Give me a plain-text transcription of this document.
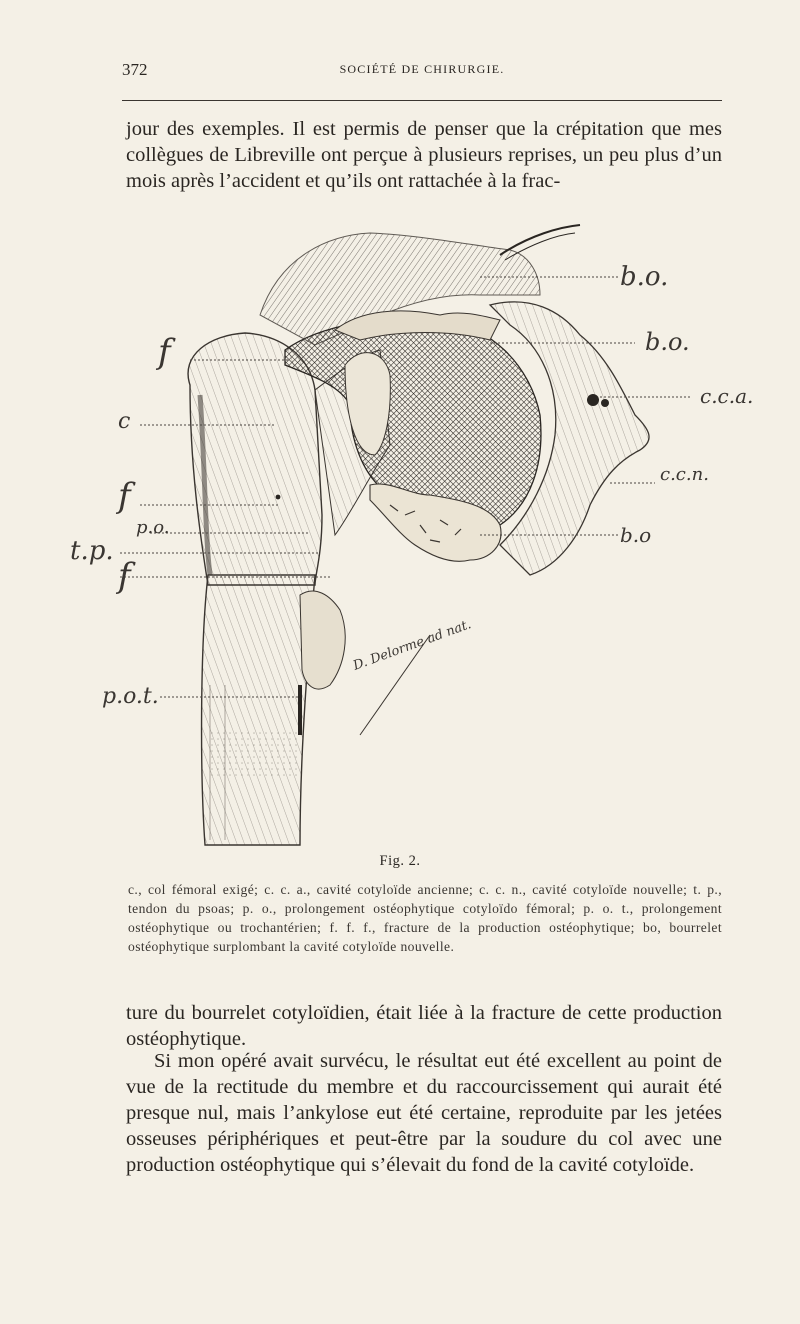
372	SOCIÉTÉ DE CHIRURGIE.

jour des exemples. Il est permis de penser que la crépitation que mes collègues de Libreville ont perçue à plusieurs reprises, un peu plus d’un mois après l’accident et qu’ils ont rattachée à la frac-

b.o.
b.o.
c.c.a.
c.c.n.
b.o
f
c
f
p.o.
t.p.
f
p.o.t.
D. Delorme ad nat.
Fig. 2.
c., col fémoral exigé; c. c. a., cavité cotyloïde ancienne; c. c. n., cavité cotyloïde nouvelle; t. p., tendon du psoas; p. o., prolongement ostéophytique cotyloïdo fémoral; p. o. t., prolongement ostéophytique ou trochantérien; f. f. f., fracture de la production ostéophytique; bo, bourrelet ostéophytique surplombant la cavité cotyloïde nouvelle.

ture du bourrelet cotyloïdien, était liée à la fracture de cette production ostéophytique.

Si mon opéré avait survécu, le résultat eut été excellent au point de vue de la rectitude du membre et du raccourcissement qui aurait été presque nul, mais l’ankylose eut été certaine, reproduite par les jetées osseuses périphériques et peut-être par la soudure du col avec une production ostéophytique qui s’élevait du fond de la cavité cotyloïde.
